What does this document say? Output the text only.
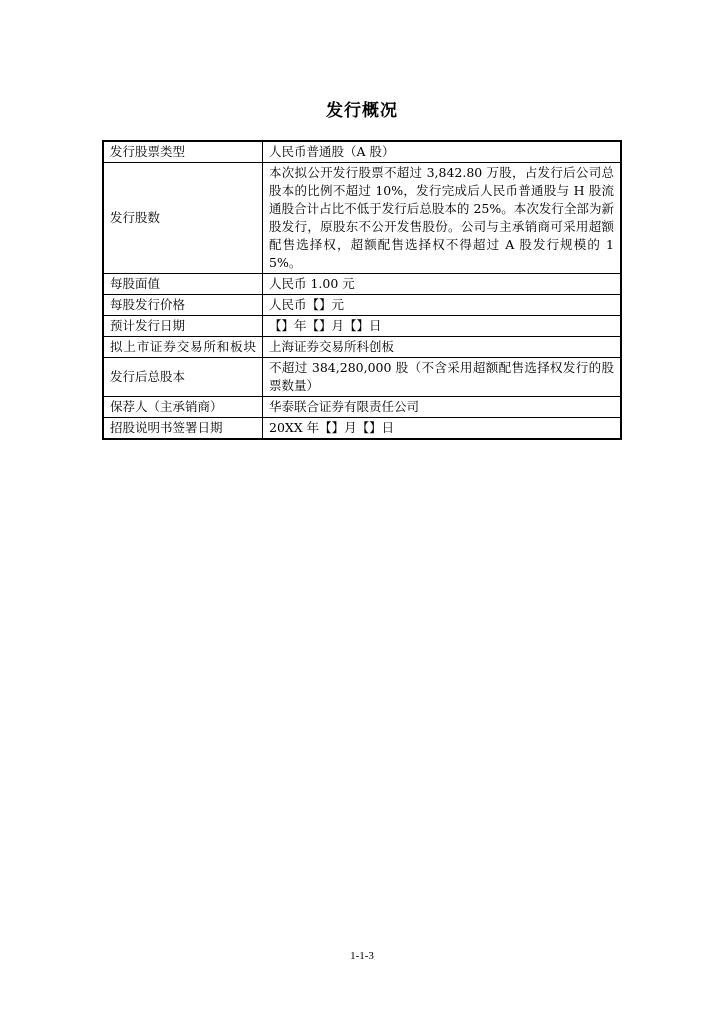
发行概况
发行股票类型	人民币普通股（A 股）
发行股数	本次拟公开发行股票不超过 3,842.80 万股，占发行后公司总股本的比例不超过 10%，发行完成后人民币普通股与 H 股流通股合计占比不低于发行后总股本的 25%。本次发行全部为新股发行，原股东不公开发售股份。公司与主承销商可采用超额配售选择权，超额配售选择权不得超过 A 股发行规模的 15%。
每股面值	人民币 1.00 元
每股发行价格	人民币【】元
预计发行日期	【】年【】月【】日
拟上市证券交易所和板块	上海证券交易所科创板
发行后总股本	不超过 384,280,000 股（不含采用超额配售选择权发行的股票数量）
保荐人（主承销商）	华泰联合证券有限责任公司
招股说明书签署日期	20XX 年【】月【】日
1-1-3
